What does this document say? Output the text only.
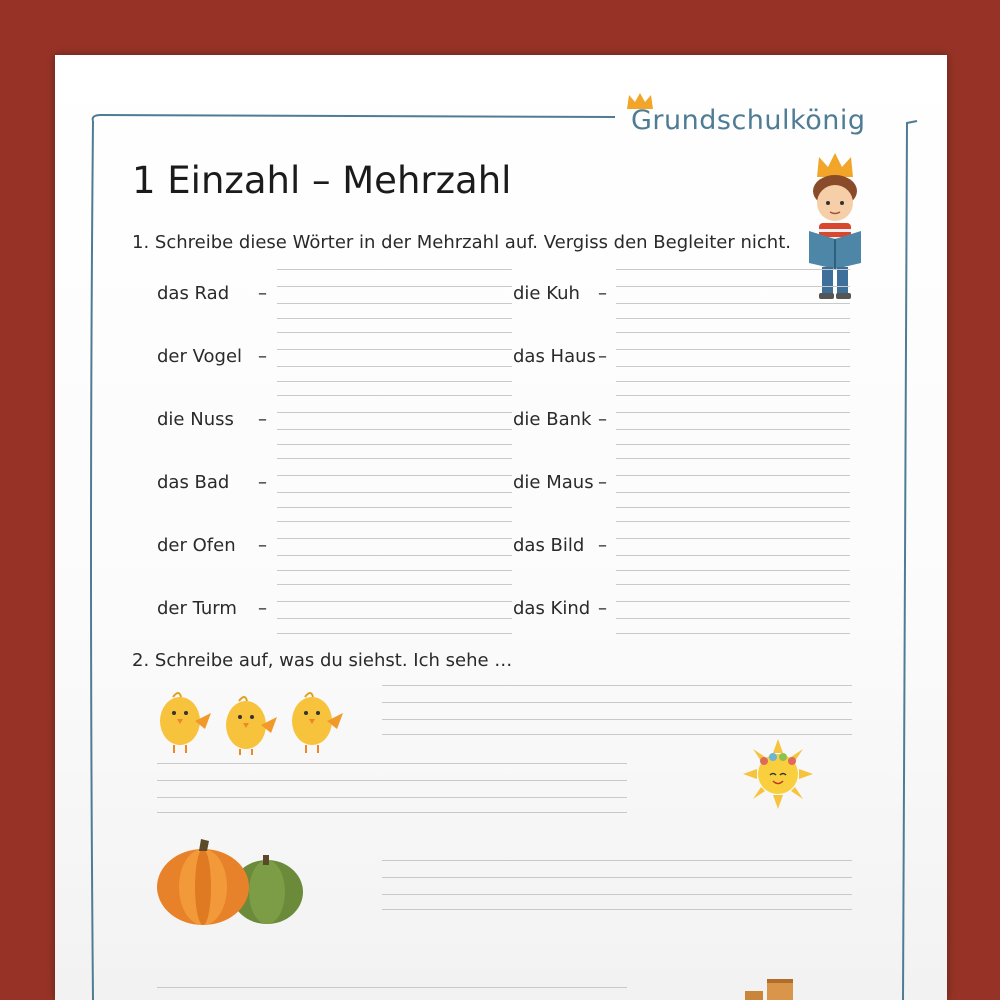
Grundschulkönig
1 Einzahl – Mehrzahl

1. Schreibe diese Wörter in der Mehrzahl auf. Vergiss den Begleiter nicht.

das Rad –	die Kuh –
der Vogel –	das Haus –
die Nuss –	die Bank –
das Bad –	die Maus –
der Ofen –	das Bild –
der Turm –	das Kind –

2. Schreibe auf, was du siehst. Ich sehe …
